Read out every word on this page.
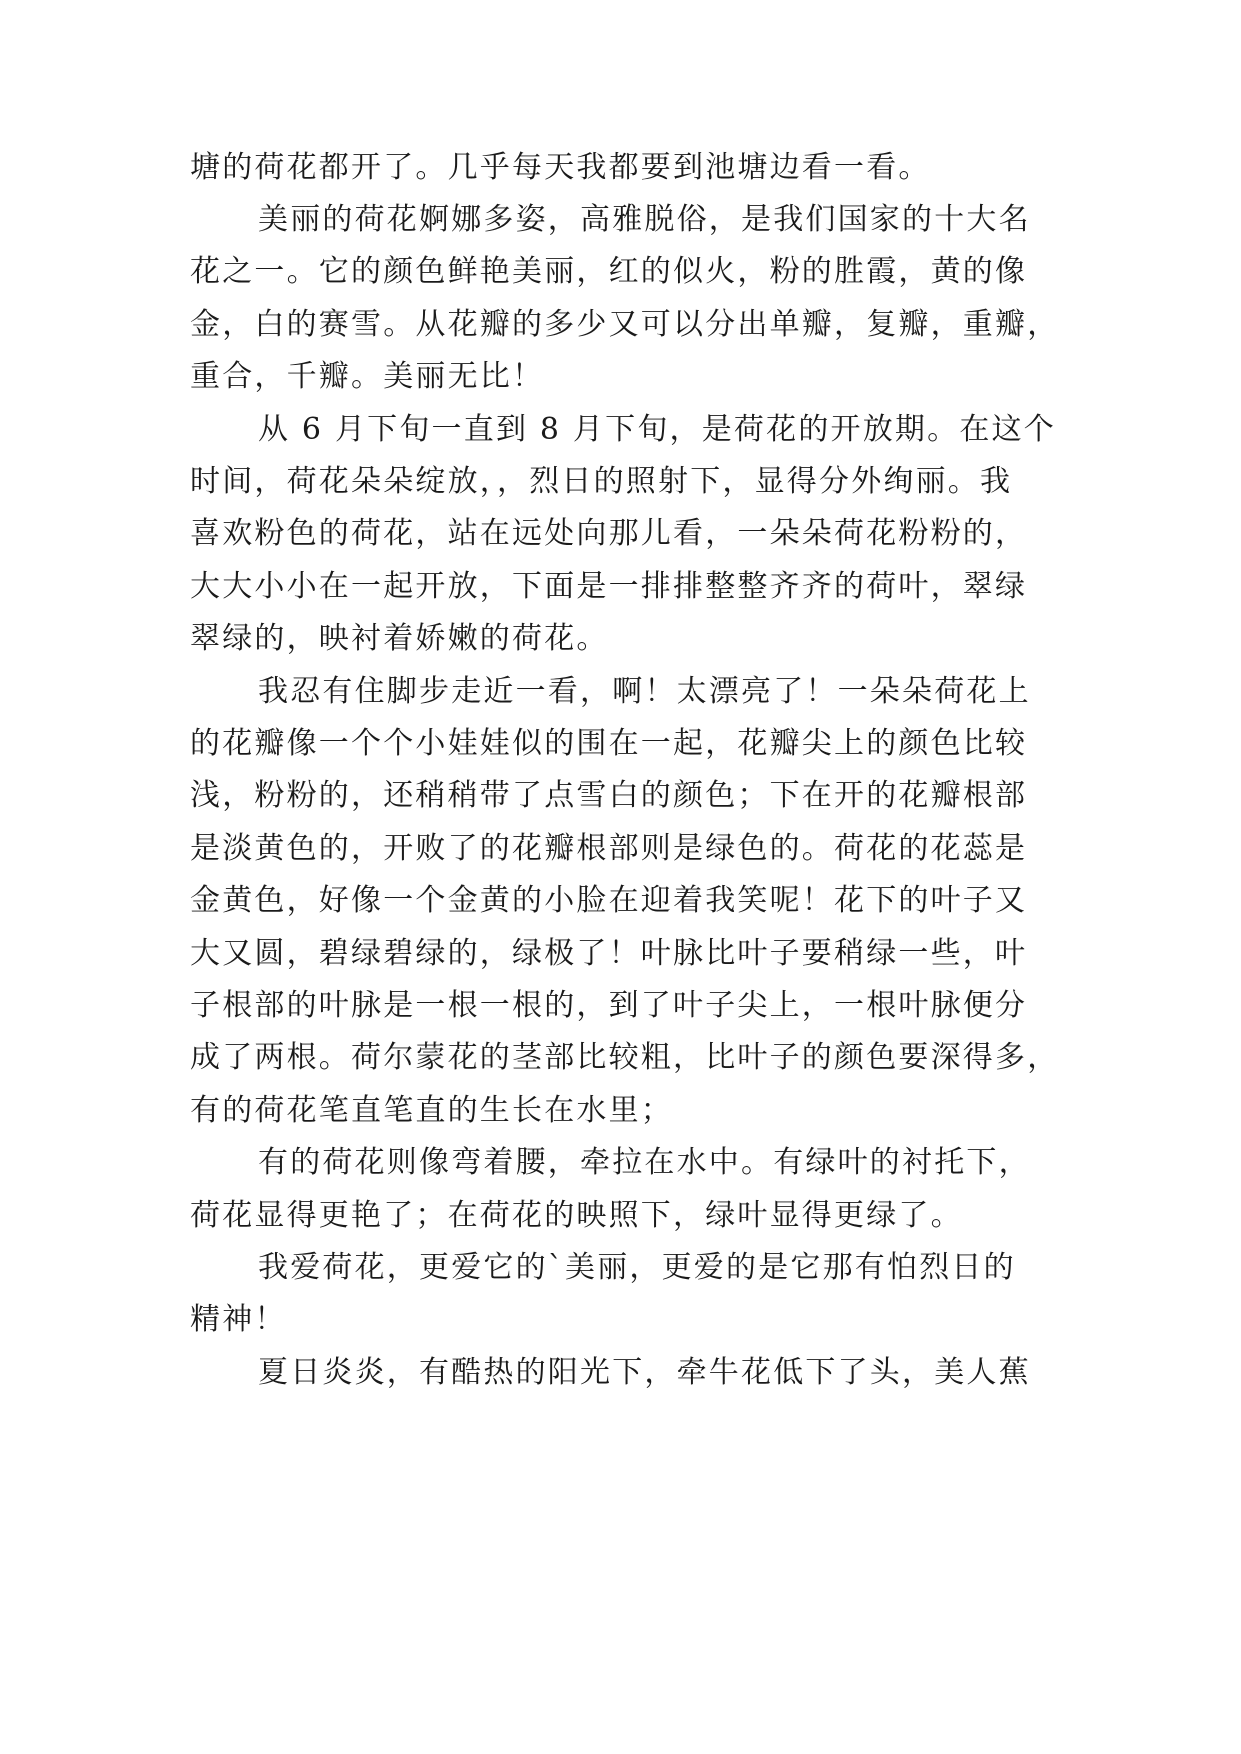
塘的荷花都开了。几乎每天我都要到池塘边看一看。

美丽的荷花婀娜多姿，高雅脱俗，是我们国家的十大名

花之一。它的颜色鲜艳美丽，红的似火，粉的胜霞，黄的像

金，白的赛雪。从花瓣的多少又可以分出单瓣，复瓣，重瓣，

重合，千瓣。美丽无比！

从 6 月下旬一直到 8 月下旬，是荷花的开放期。在这个

时间，荷花朵朵绽放，，烈日的照射下，显得分外绚丽。我

喜欢粉色的荷花，站在远处向那儿看，一朵朵荷花粉粉的，

大大小小在一起开放，下面是一排排整整齐齐的荷叶，翠绿

翠绿的，映衬着娇嫩的荷花。

我忍有住脚步走近一看，啊！太漂亮了！一朵朵荷花上

的花瓣像一个个小娃娃似的围在一起，花瓣尖上的颜色比较

浅，粉粉的，还稍稍带了点雪白的颜色；下在开的花瓣根部

是淡黄色的，开败了的花瓣根部则是绿色的。荷花的花蕊是

金黄色，好像一个金黄的小脸在迎着我笑呢！花下的叶子又

大又圆，碧绿碧绿的，绿极了！叶脉比叶子要稍绿一些，叶

子根部的叶脉是一根一根的，到了叶子尖上，一根叶脉便分

成了两根。荷尔蒙花的茎部比较粗，比叶子的颜色要深得多，

有的荷花笔直笔直的生长在水里；

有的荷花则像弯着腰，牵拉在水中。有绿叶的衬托下，

荷花显得更艳了；在荷花的映照下，绿叶显得更绿了。

我爱荷花，更爱它的`美丽，更爱的是它那有怕烈日的

精神！

夏日炎炎，有酷热的阳光下，牵牛花低下了头，美人蕉
